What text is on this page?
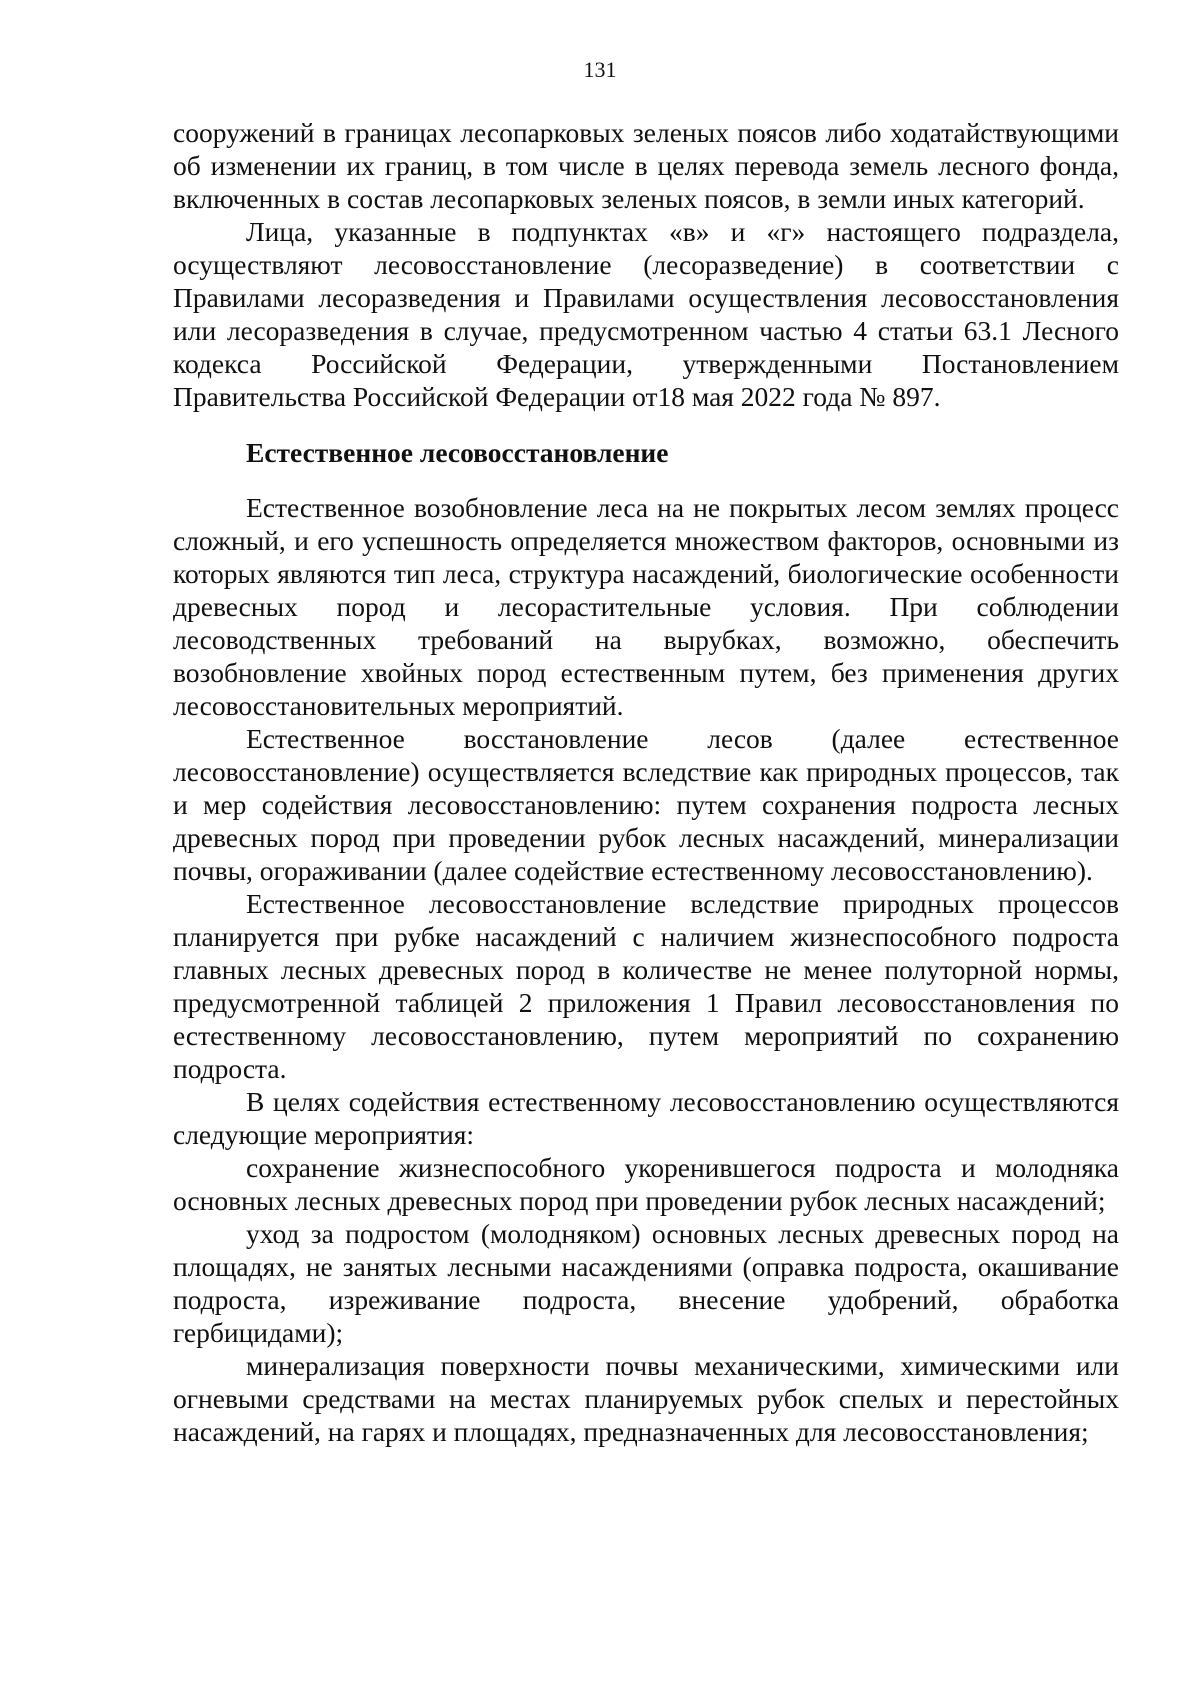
131

сооружений в границах лесопарковых зеленых поясов либо ходатайствующими об изменении их границ, в том числе в целях перевода земель лесного фонда, включенных в состав лесопарковых зеленых поясов, в земли иных категорий.

Лица, указанные в подпунктах «в» и «г» настоящего подраздела, осуществляют лесовосстановление (лесоразведение) в соответствии с Правилами лесоразведения и Правилами осуществления лесовосстановления или лесоразведения в случае, предусмотренном частью 4 статьи 63.1 Лесного кодекса Российской Федерации, утвержденными Постановлением Правительства Российской Федерации от18 мая 2022 года № 897.

Естественное лесовосстановление

Естественное возобновление леса на не покрытых лесом землях процесс сложный, и его успешность определяется множеством факторов, основными из которых являются тип леса, структура насаждений, биологические особенности древесных пород и лесорастительные условия. При соблюдении лесоводственных требований на вырубках, возможно, обеспечить возобновление хвойных пород естественным путем, без применения других лесовосстановительных мероприятий.

Естественное восстановление лесов (далее естественное лесовосстановление) осуществляется вследствие как природных процессов, так и мер содействия лесовосстановлению: путем сохранения подроста лесных древесных пород при проведении рубок лесных насаждений, минерализации почвы, огораживании (далее содействие естественному лесовосстановлению).

Естественное лесовосстановление вследствие природных процессов планируется при рубке насаждений с наличием жизнеспособного подроста главных лесных древесных пород в количестве не менее полуторной нормы, предусмотренной таблицей 2 приложения 1 Правил лесовосстановления по естественному лесовосстановлению, путем мероприятий по сохранению подроста.

В целях содействия естественному лесовосстановлению осуществляются следующие мероприятия:

сохранение жизнеспособного укоренившегося подроста и молодняка основных лесных древесных пород при проведении рубок лесных насаждений;

уход за подростом (молодняком) основных лесных древесных пород на площадях, не занятых лесными насаждениями (оправка подроста, окашивание подроста, изреживание подроста, внесение удобрений, обработка гербицидами);

минерализация поверхности почвы механическими, химическими или огневыми средствами на местах планируемых рубок спелых и перестойных насаждений, на гарях и площадях, предназначенных для лесовосстановления;
